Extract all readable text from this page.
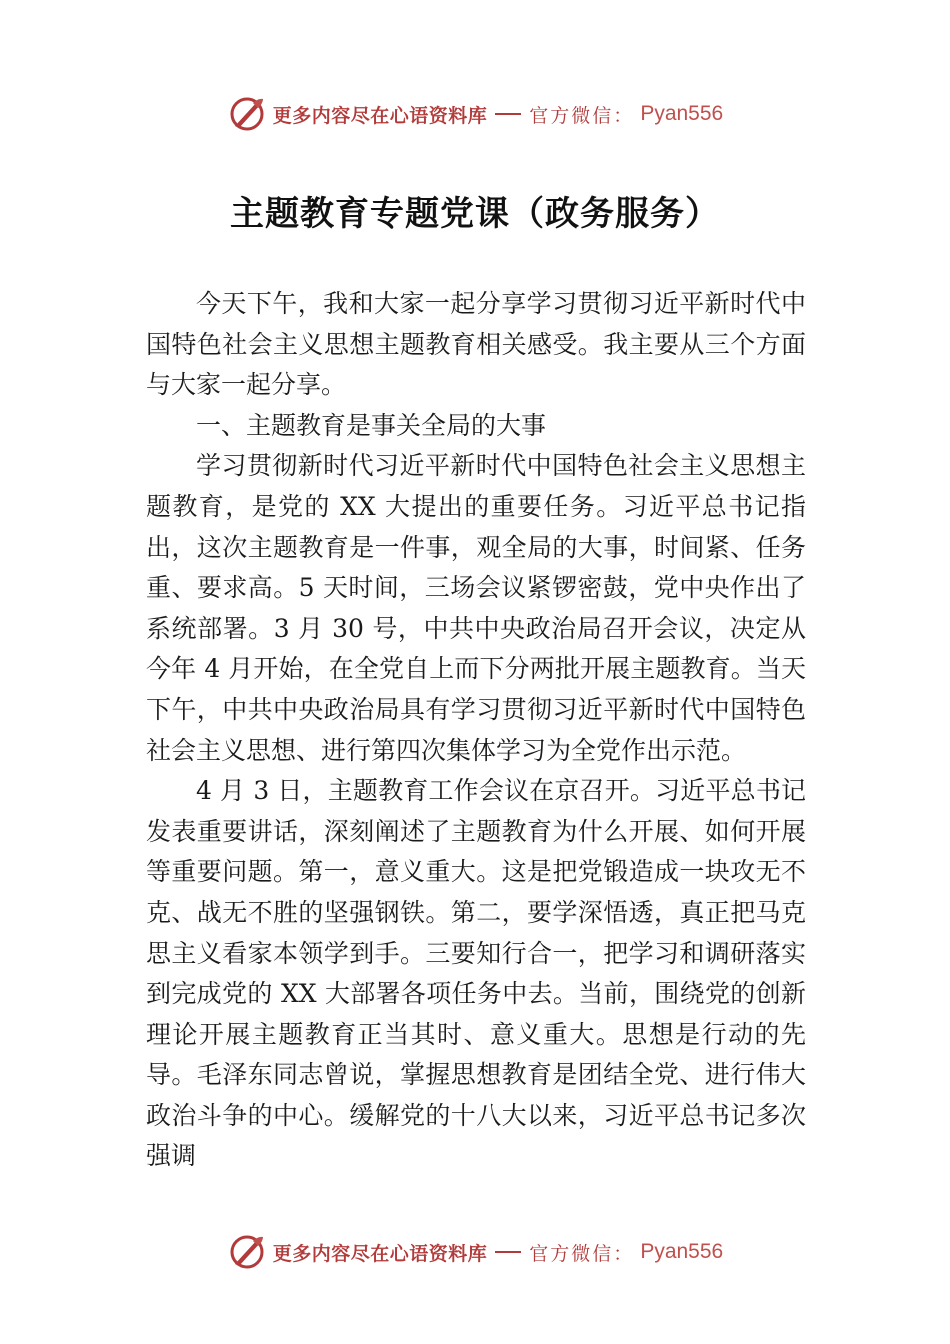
更多内容尽在心语资料库 官方微信： Pyan556
主题教育专题党课（政务服务）

今天下午，我和大家一起分享学习贯彻习近平新时代中国特色社会主义思想主题教育相关感受。我主要从三个方面与大家一起分享。

一、主题教育是事关全局的大事

学习贯彻新时代习近平新时代中国特色社会主义思想主题教育，是党的 XX 大提出的重要任务。习近平总书记指出，这次主题教育是一件事，观全局的大事，时间紧、任务重、要求高。5 天时间，三场会议紧锣密鼓，党中央作出了系统部署。3 月 30 号，中共中央政治局召开会议，决定从今年 4 月开始，在全党自上而下分两批开展主题教育。当天下午，中共中央政治局具有学习贯彻习近平新时代中国特色社会主义思想、进行第四次集体学习为全党作出示范。

4 月 3 日，主题教育工作会议在京召开。习近平总书记发表重要讲话，深刻阐述了主题教育为什么开展、如何开展等重要问题。第一，意义重大。这是把党锻造成一块攻无不克、战无不胜的坚强钢铁。第二，要学深悟透，真正把马克思主义看家本领学到手。三要知行合一，把学习和调研落实到完成党的 XX 大部署各项任务中去。当前，围绕党的创新理论开展主题教育正当其时、意义重大。思想是行动的先导。毛泽东同志曾说，掌握思想教育是团结全党、进行伟大政治斗争的中心。缓解党的十八大以来，习近平总书记多次强调

更多内容尽在心语资料库 官方微信： Pyan556
